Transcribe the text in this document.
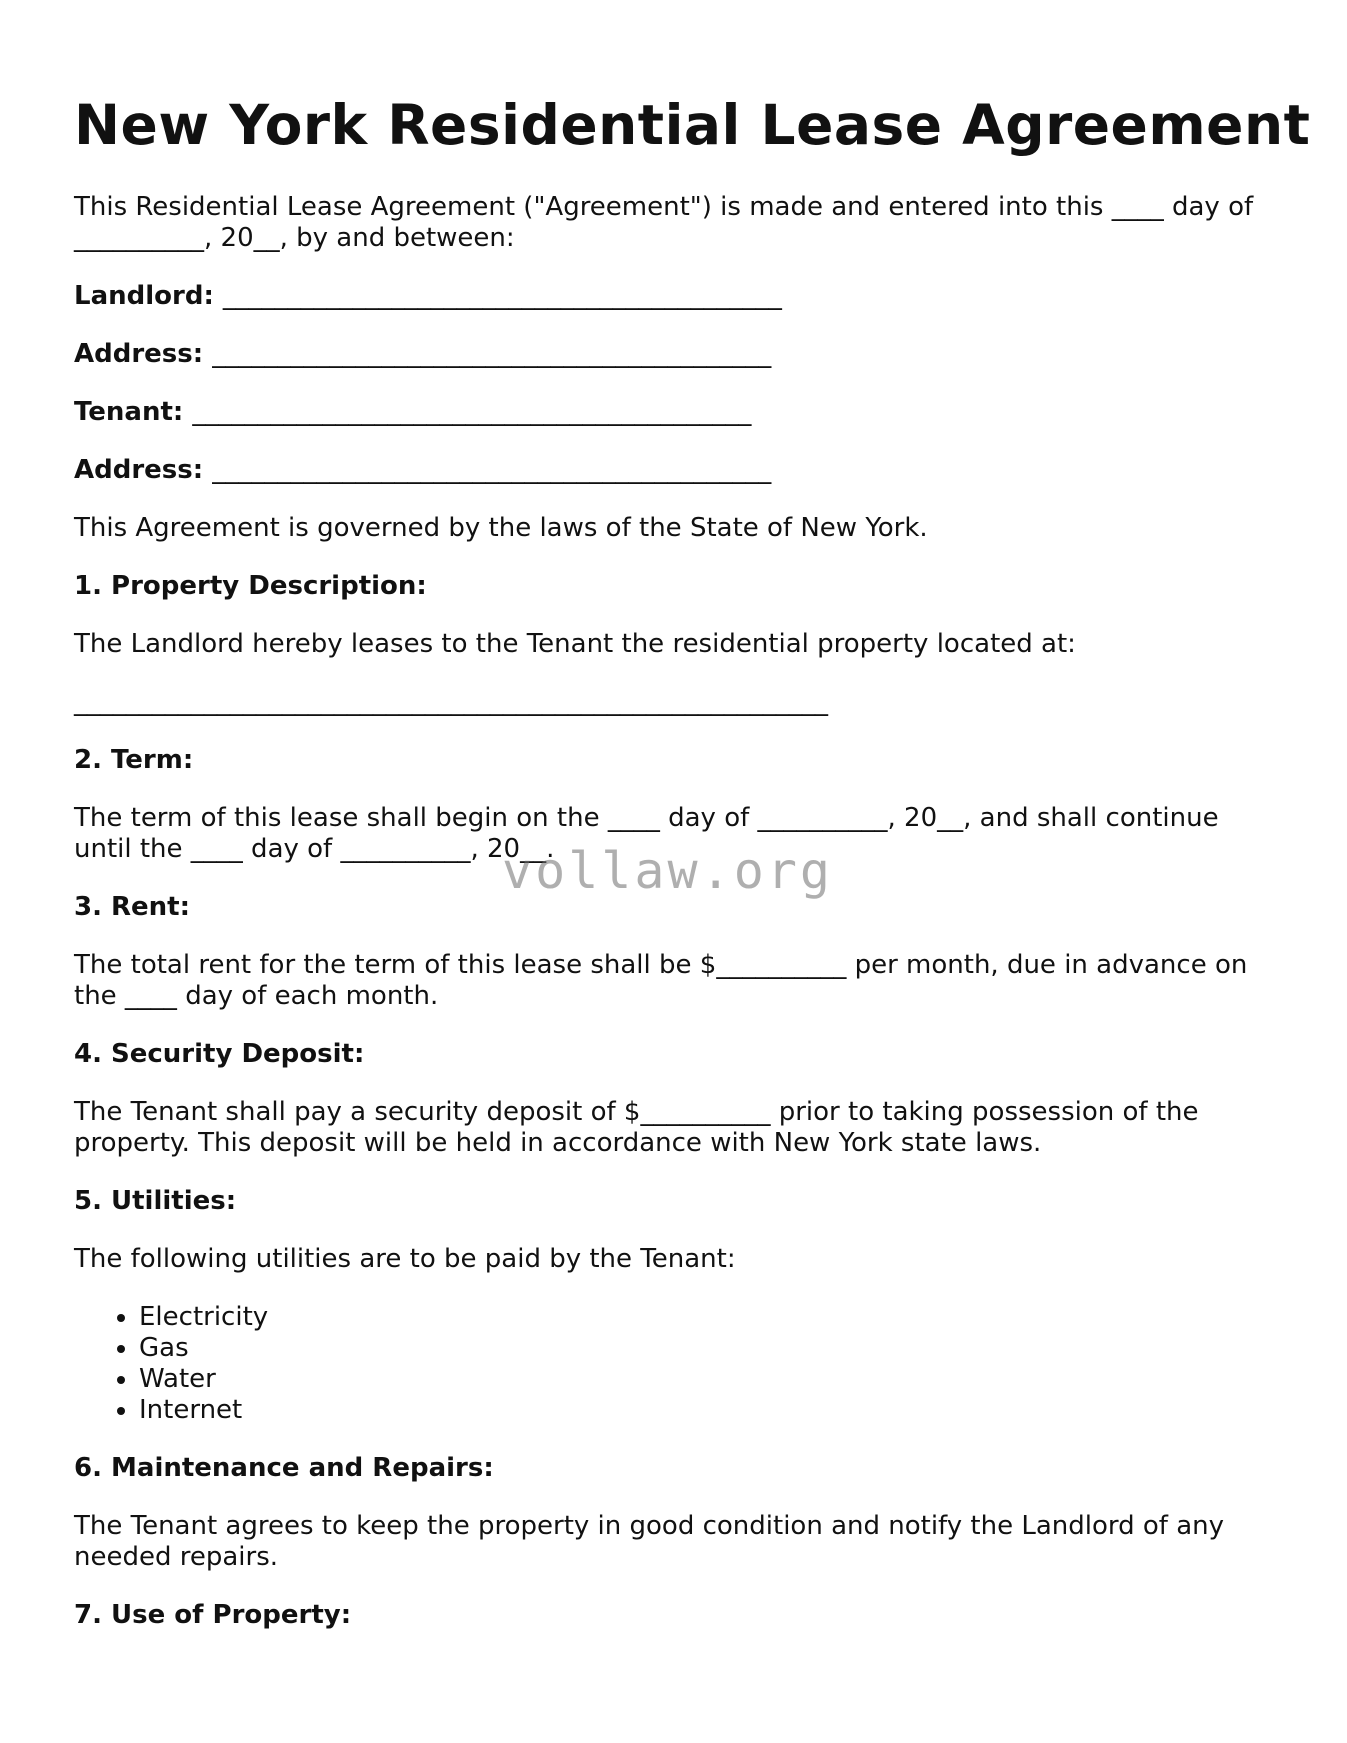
New York Residential Lease Agreement

This Residential Lease Agreement ("Agreement") is made and entered into this ____ day of __________, 20__, by and between:

Landlord: ___________________________________________
Address: ___________________________________________
Tenant: ___________________________________________
Address: ___________________________________________

This Agreement is governed by the laws of the State of New York.

1. Property Description:

The Landlord hereby leases to the Tenant the residential property located at:

__________________________________________________________

2. Term:

The term of this lease shall begin on the ____ day of __________, 20__, and shall continue until the ____ day of __________, 20__.

3. Rent:

The total rent for the term of this lease shall be $__________ per month, due in advance on the ____ day of each month.

4. Security Deposit:

The Tenant shall pay a security deposit of $__________ prior to taking possession of the property. This deposit will be held in accordance with New York state laws.

5. Utilities:

The following utilities are to be paid by the Tenant:

• Electricity
• Gas
• Water
• Internet
6. Maintenance and Repairs:

The Tenant agrees to keep the property in good condition and notify the Landlord of any needed repairs.

7. Use of Property:
vollaw.org
